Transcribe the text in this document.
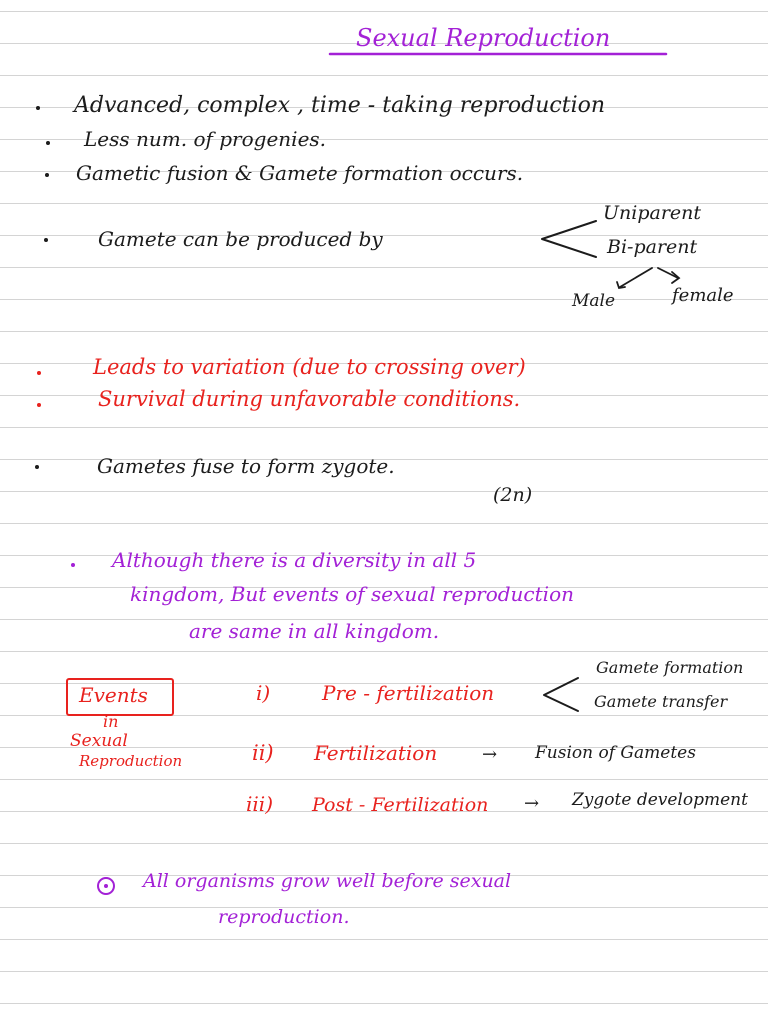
Sexual Reproduction
Advanced, complex , time - taking reproduction
Less num. of progenies.
Gametic fusion & Gamete formation occurs.
Gamete can be produced by
Uniparent
Bi-parent
Male	female
Leads to variation (due to crossing over)
Survival during unfavorable conditions.
Gametes fuse to form zygote.
(2n)
Although there is a diversity in all 5
kingdom, But events of sexual reproduction
are same in all kingdom.
Events
in
Sexual
Reproduction
i)	Pre - fertilization
Gamete formation
Gamete transfer
ii) Fertilization → Fusion of Gametes
iii) Post - Fertilization → Zygote development
All organisms grow well before sexual
reproduction.
